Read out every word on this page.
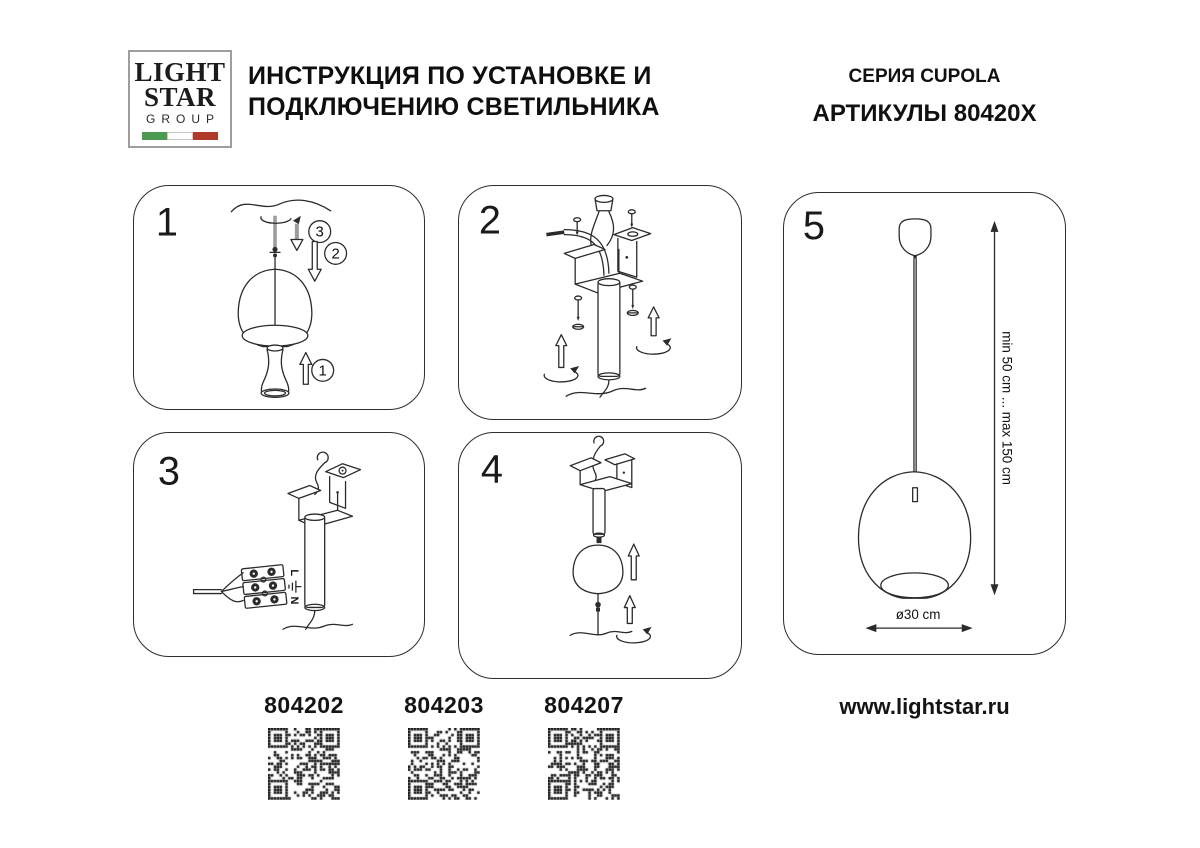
LIGHT
STAR
GROUP
ИНСТРУКЦИЯ ПО УСТАНОВКЕ И
ПОДКЛЮЧЕНИЮ СВЕТИЛЬНИКА
СЕРИЯ CUPOLA
АРТИКУЛЫ 80420X
1	3
2
1
2
3
L
N
4
5
min 50 cm ... max 150 cm
ø30 cm
804202	804203	804207	www.lightstar.ru
